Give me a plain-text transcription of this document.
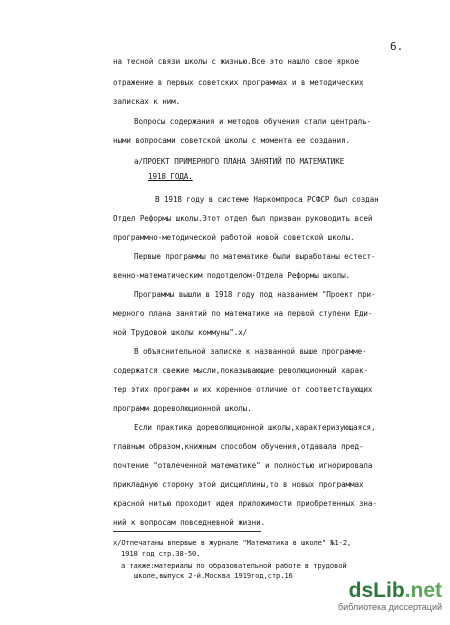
6.
на тесной связи школы с жизнью.Все это нашло свое яркое
отражение в первых советских программах и в методических
записках к ним.
Вопросы содержания и методов обучения стали централь-
ными вопросами советской школы с момента ее создания.
а/ПРОЕКТ ПРИМЕРНОГО ПЛАНА ЗАНЯТИЙ ПО МАТЕМАТИКЕ
1918 ГОДА.
В 1918 году в системе Наркомпроса РСФСР был создан
Отдел Реформы школы.Этот отдел был призван руководить всей
программно-методической работой новой советской школы.
Первые программы по математике были выработаны естест-
венно-математическим подотделом-Отдела Реформы школы.
Программы вышли в 1918 году под названием "Проект при-
мерного плана занятий по математике на первой ступени Еди-
ной Трудовой школы коммуны".х/
В объяснительной записке к названной выше программе-
содержатся свежие мысли,показывающие революционный харак-
тер этих программ и их коренное отличие от соответствующих
программ дореволюционной школы.
Если практика дореволюционной школы,характеризующаяся,
главным образом,книжным способом обучения,отдавала пред-
почтение "отвлеченной математике" и полностью игнорировала
прикладную сторону этой дисциплины,то в новых программах
красной нитью проходит идея приложимости приобретенных зна-
ний к вопросам повседневной жизни.
х/Отпечатаны впервые в журнале "Математика в школе" №1-2,
1918 год стр.38-50.
а также:материалы по образовательной работе в трудовой
школе,выпуск 2-й.Москва 1919год,стр.16
dsLib.net
библиотека диссертаций
